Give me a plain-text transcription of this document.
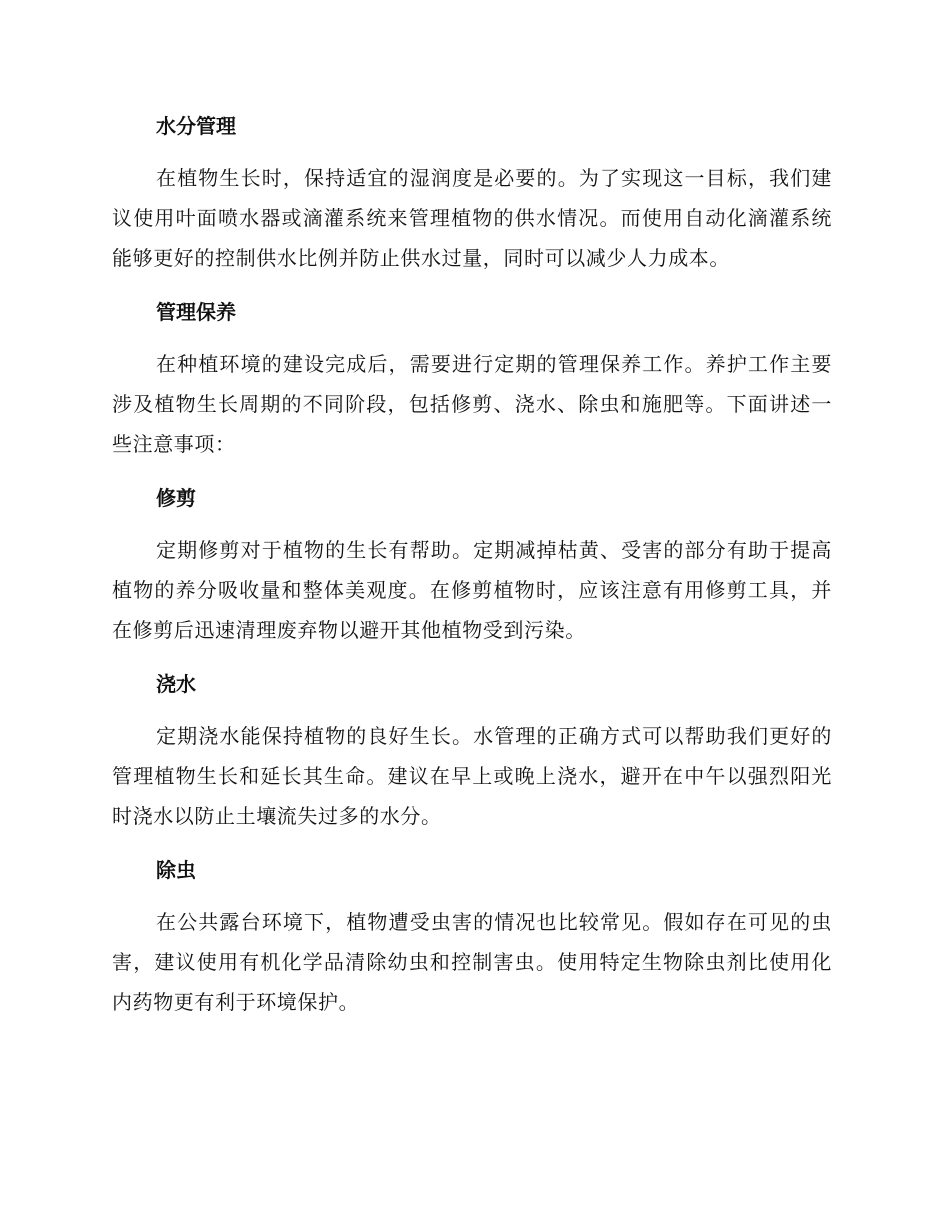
水分管理

在植物生长时，保持适宜的湿润度是必要的。为了实现这一目标，我们建议使用叶面喷水器或滴灌系统来管理植物的供水情况。而使用自动化滴灌系统能够更好的控制供水比例并防止供水过量，同时可以减少人力成本。

管理保养

在种植环境的建设完成后，需要进行定期的管理保养工作。养护工作主要涉及植物生长周期的不同阶段，包括修剪、浇水、除虫和施肥等。下面讲述一些注意事项：

修剪

定期修剪对于植物的生长有帮助。定期减掉枯黄、受害的部分有助于提高植物的养分吸收量和整体美观度。在修剪植物时，应该注意有用修剪工具，并在修剪后迅速清理废弃物以避开其他植物受到污染。

浇水

定期浇水能保持植物的良好生长。水管理的正确方式可以帮助我们更好的管理植物生长和延长其生命。建议在早上或晚上浇水，避开在中午以强烈阳光时浇水以防止土壤流失过多的水分。

除虫

在公共露台环境下，植物遭受虫害的情况也比较常见。假如存在可见的虫害，建议使用有机化学品清除幼虫和控制害虫。使用特定生物除虫剂比使用化内药物更有利于环境保护。
